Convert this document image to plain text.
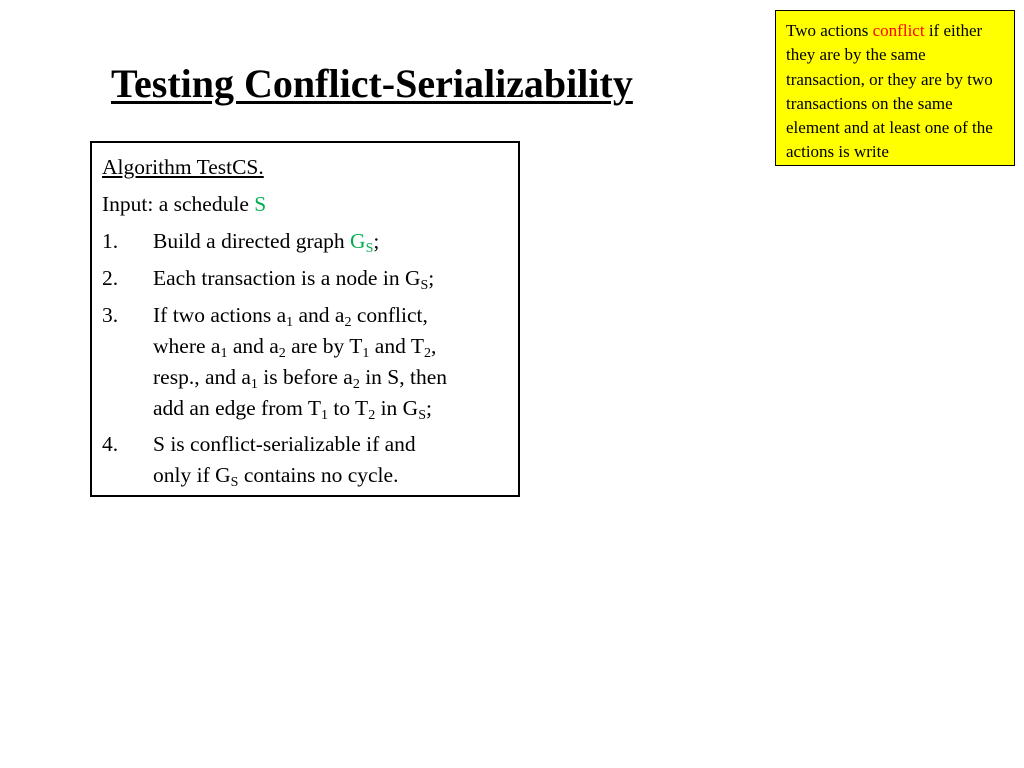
Testing Conflict-Serializability
Two actions conflict if either they are by the same transaction, or they are by two transactions on the same element and at least one of the actions is write
Algorithm TestCS.
Input: a schedule S
1.	Build a directed graph $G_S$;
2.	Each transaction is a node in $G_S$;
3.	If two actions $a_1$ and $a_2$ conflict,
where $a_1$ and $a_2$ are by $T_1$ and $T_2$,
resp., and $a_1$ is before $a_2$ in S, then
add an edge from $T_1$ to $T_2$ in $G_S$;
4.	S is conflict-serializable if and
only if $G_S$ contains no cycle.
